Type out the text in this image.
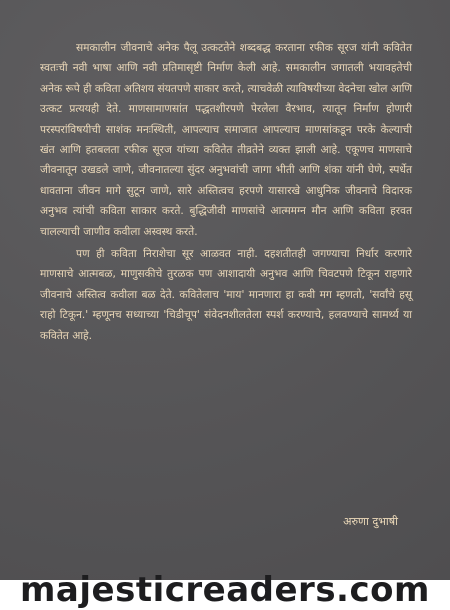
समकालीन जीवनाचे अनेक पैलू उत्कटतेने शब्दबद्ध करताना रफीक सूरज यांनी कवितेत स्वतःची नवी भाषा आणि नवी प्रतिमासृष्टी निर्माण केली आहे. समकालीन जगातली भयावहतेची अनेक रूपे ही कविता अतिशय संयतपणे साकार करते, त्याचवेळी त्याविषयीच्या वेदनेचा खोल आणि उत्कट प्रत्ययही देते. माणसामाणसांत पद्धतशीरपणे पेरलेला वैरभाव, त्यातून निर्माण होणारी परस्परांविषयीची साशंक मनःस्थिती, आपल्याच समाजात आपल्याच माणसांकडून परके केल्याची खंत आणि हतबलता रफीक सूरज यांच्या कवितेत तीव्रतेने व्यक्त झाली आहे. एकूणच माणसाचे जीवनातून उखडले जाणे, जीवनातल्या सुंदर अनुभवांची जागा भीती आणि शंका यांनी घेणे, स्पर्धेत धावताना जीवन मागे सुटून जाणे, सारे अस्तित्वच हरपणे यासारखे आधुनिक जीवनाचे विदारक अनुभव त्यांची कविता साकार करते. बुद्धिजीवी माणसांचे आत्ममग्न मौन आणि कविता हरवत चालल्याची जाणीव कवीला अस्वस्थ करते.

पण ही कविता निराशेचा सूर आळवत नाही. दहशतीतही जगण्याचा निर्धार करणारे माणसाचे आत्मबळ, माणुसकीचे तुरळक पण आशादायी अनुभव आणि चिवटपणे टिकून राहणारे जीवनाचे अस्तित्व कवीला बळ देते. कवितेलाच 'माय' मानणारा हा कवी मग म्हणतो, 'सर्वांचे हसू राहो टिकून.' म्हणूनच सध्याच्या 'चिडीचूप' संवेदनशीलतेला स्पर्श करण्याचे, हलवण्याचे सामर्थ्य या कवितेत आहे.

अरुणा दुभाषी
majesticreaders.com
